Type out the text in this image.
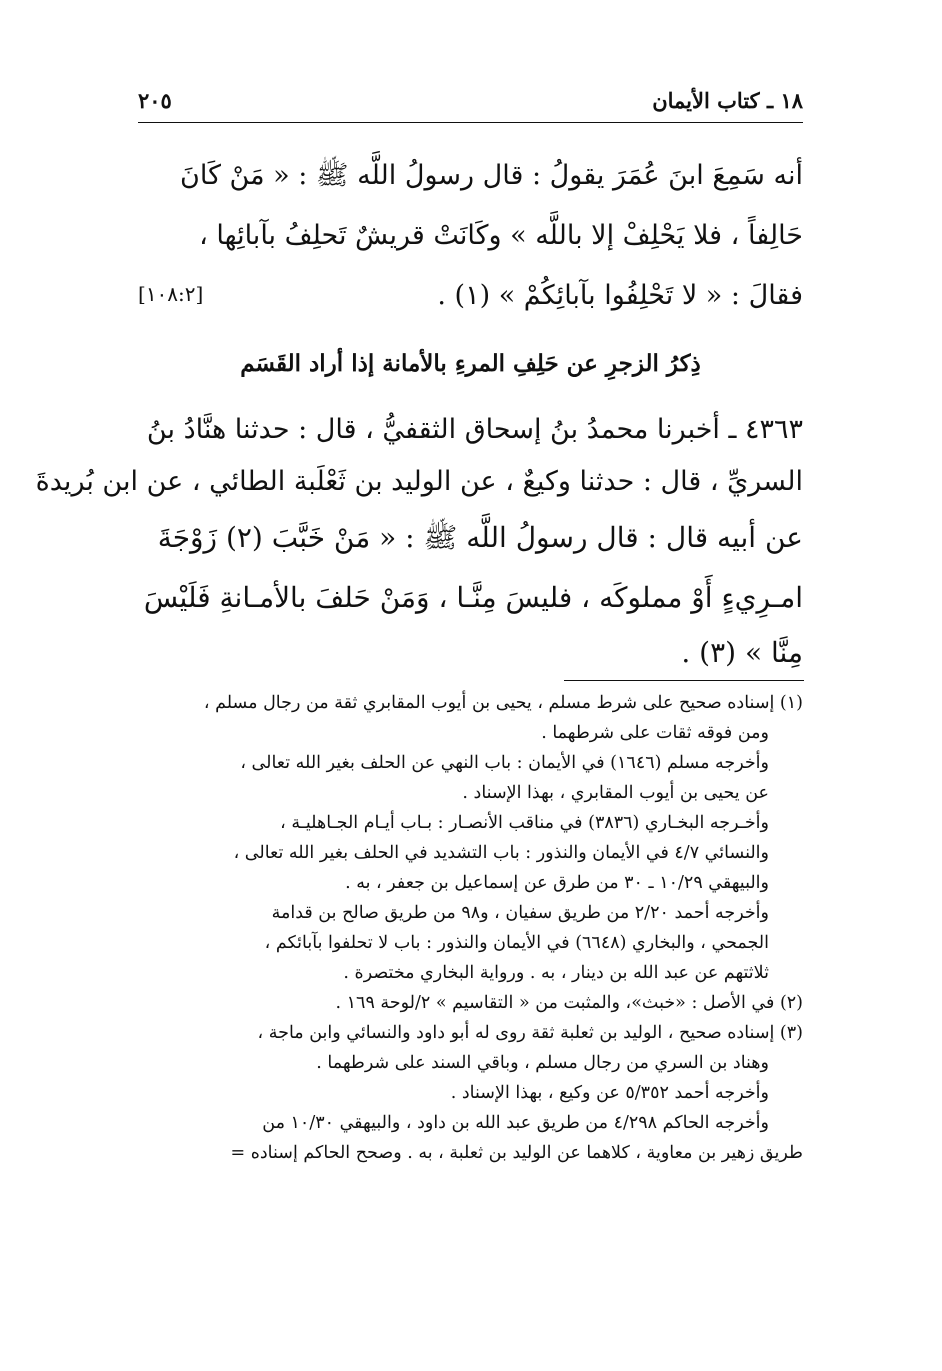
١٨ ـ كتاب الأيمان
٢٠٥
أنه سَمِعَ ابنَ عُمَرَ يقولُ : قال رسولُ اللَّه ﷺ : « مَنْ كَانَ
حَالِفاً ، فلا يَحْلِفْ إلا باللَّه » وكَانَتْ قريشٌ تَحلِفُ بآبائِها ،
فقالَ : « لا تَحْلِفُوا بآبائِكُمْ » (١) .
[١٠٨:٢]
ذِكرُ الزجرِ عن حَلِفِ المرءِ بالأمانة إذا أراد القَسَم
٤٣٦٣ ـ أخبرنا محمدُ بنُ إسحاق الثقفيُّ ، قال : حدثنا هنَّادُ بنُ
السريِّ ، قال : حدثنا وكيعٌ ، عن الوليد بن ثَعْلَبة الطائي ، عن ابن بُريدةَ
عن أبيه قال : قال رسولُ اللَّه ﷺ : « مَنْ خَبَّبَ (٢) زَوْجَةَ
امـرِيءٍ أَوْ مملوكَه ، فليسَ مِنَّـا ، وَمَنْ حَلفَ بالأمـانةِ فَلَيْسَ
مِنَّا » (٣) .
(١) إسناده صحيح على شرط مسلم ، يحيى بن أيوب المقابري ثقة من رجال مسلم ،
ومن فوقه ثقات على شرطهما .
وأخرجه مسلم (١٦٤٦) في الأيمان : باب النهي عن الحلف بغير الله تعالى ،
عن يحيى بن أيوب المقابري ، بهذا الإسناد .
وأخـرجه البخـاري (٣٨٣٦) في مناقب الأنصـار : بـاب أيـام الجـاهليـة ،
والنسائي ٤/٧ في الأيمان والنذور : باب التشديد في الحلف بغير الله تعالى ،
والبيهقي ١٠/٢٩ ـ ٣٠ من طرق عن إسماعيل بن جعفر ، به .
وأخرجه أحمد ٢/٢٠ من طريق سفيان ، و٩٨ من طريق صالح بن قدامة
الجمحي ، والبخاري (٦٦٤٨) في الأيمان والنذور : باب لا تحلفوا بآبائكم ،
ثلاثتهم عن عبد الله بن دينار ، به . ورواية البخاري مختصرة .
(٢) في الأصل : «خبث»، والمثبت من « التقاسيم » ٢/لوحة ١٦٩ .
(٣) إسناده صحيح ، الوليد بن ثعلبة ثقة روى له أبو داود والنسائي وابن ماجة ،
وهناد بن السري من رجال مسلم ، وباقي السند على شرطهما .
وأخرجه أحمد ٥/٣٥٢ عن وكيع ، بهذا الإسناد .
وأخرجه الحاكم ٤/٢٩٨ من طريق عبد الله بن داود ، والبيهقي ١٠/٣٠ من
طريق زهير بن معاوية ، كلاهما عن الوليد بن ثعلبة ، به . وصحح الحاكم إسناده =
